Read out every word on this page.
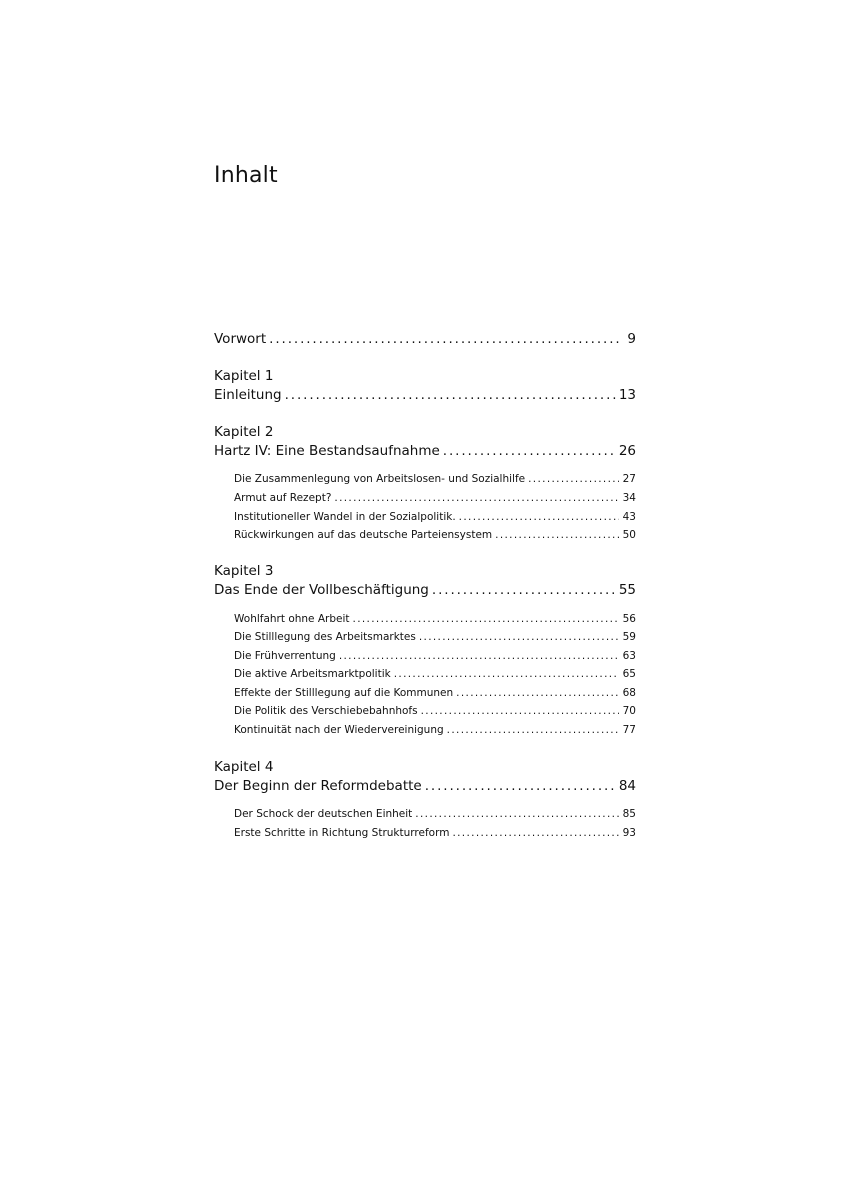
Inhalt
Vorwort . . .	9
Kapitel 1
Einleitung . . .	13
Kapitel 2
Hartz IV: Eine Bestandsaufnahme . . .	26
Die Zusammenlegung von Arbeitslosen- und Sozialhilfe . . .	27
Armut auf Rezept? . . .	34
Institutioneller Wandel in der Sozialpolitik. . . .	43
Rückwirkungen auf das deutsche Parteiensystem . . .	50
Kapitel 3
Das Ende der Vollbeschäftigung . . .	55
Wohlfahrt ohne Arbeit . . .	56
Die Stilllegung des Arbeitsmarktes . . .	59
Die Frühverrentung . . .	63
Die aktive Arbeitsmarktpolitik . . .	65
Effekte der Stilllegung auf die Kommunen . . .	68
Die Politik des Verschiebebahnhofs . . .	70
Kontinuität nach der Wiedervereinigung . . .	77
Kapitel 4
Der Beginn der Reformdebatte . . .	84
Der Schock der deutschen Einheit . . .	85
Erste Schritte in Richtung Strukturreform . . .	93
